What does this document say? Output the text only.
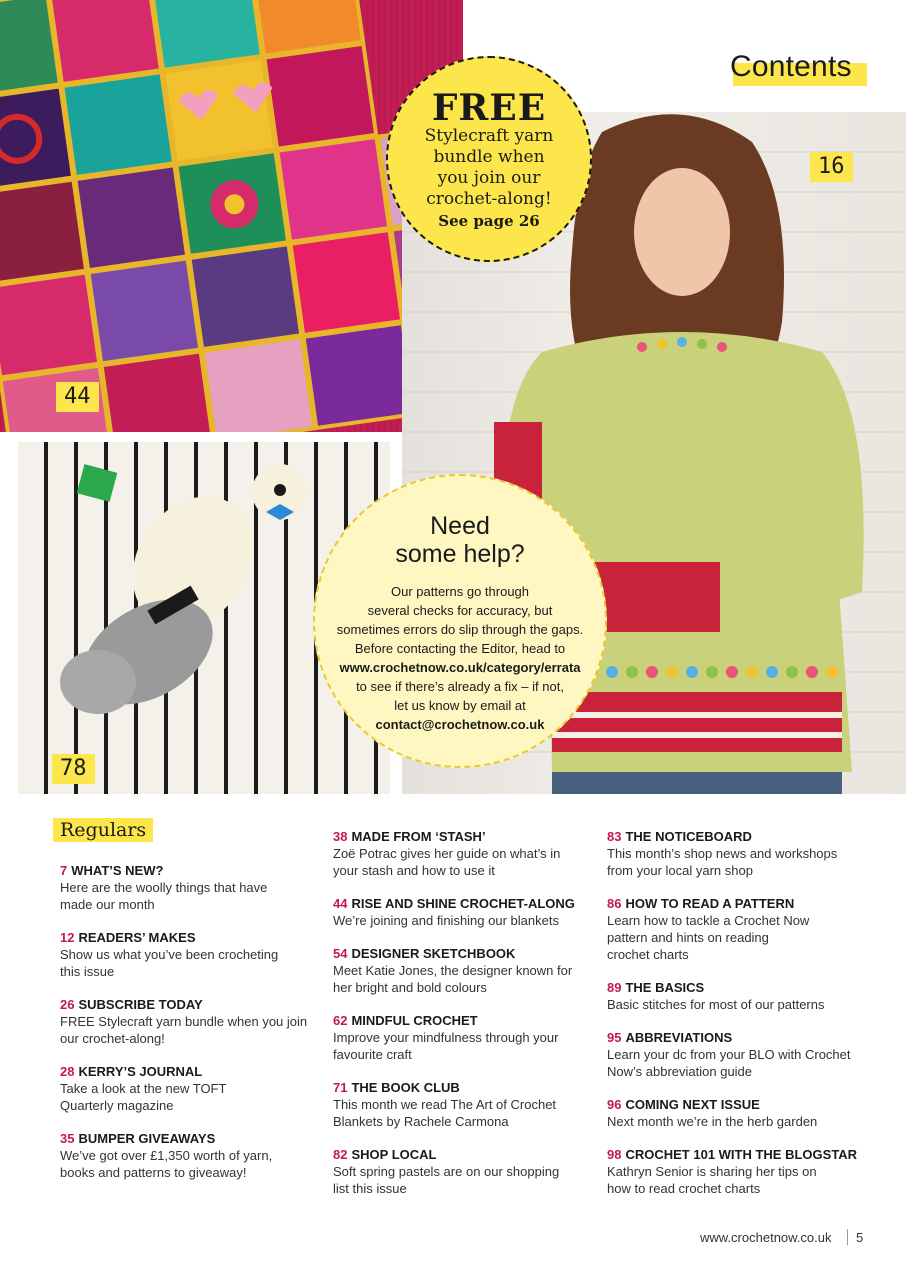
Contents
44
16
78
FREE
Stylecraft yarn
bundle when
you join our
crochet-along!
See page 26
Need
some help?
Our patterns go through
several checks for accuracy, but
sometimes errors do slip through the gaps.
Before contacting the Editor, head to
www.crochetnow.co.uk/category/errata
to see if there’s already a fix – if not,
let us know by email at
contact@crochetnow.co.uk
Regulars
7 WHAT’S NEW?
Here are the woolly things that have
made our month
12 READERS’ MAKES
Show us what you’ve been crocheting
this issue
26 SUBSCRIBE TODAY
FREE Stylecraft yarn bundle when you join
our crochet-along!
28 KERRY’S JOURNAL
Take a look at the new TOFT
Quarterly magazine
35 BUMPER GIVEAWAYS
We’ve got over £1,350 worth of yarn,
books and patterns to giveaway!
38 MADE FROM ‘STASH’
Zoë Potrac gives her guide on what’s in
your stash and how to use it
44 RISE AND SHINE CROCHET-ALONG
We’re joining and finishing our blankets
54 DESIGNER SKETCHBOOK
Meet Katie Jones, the designer known for
her bright and bold colours
62 MINDFUL CROCHET
Improve your mindfulness through your
favourite craft
71 THE BOOK CLUB
This month we read The Art of Crochet
Blankets by Rachele Carmona
82 SHOP LOCAL
Soft spring pastels are on our shopping
list this issue
83 THE NOTICEBOARD
This month’s shop news and workshops
from your local yarn shop
86 HOW TO READ A PATTERN
Learn how to tackle a Crochet Now
pattern and hints on reading
crochet charts
89 THE BASICS
Basic stitches for most of our patterns
95 ABBREVIATIONS
Learn your dc from your BLO with Crochet
Now’s abbreviation guide
96 COMING NEXT ISSUE
Next month we’re in the herb garden
98 CROCHET 101 WITH THE BLOGSTAR
Kathryn Senior is sharing her tips on
how to read crochet charts
www.crochetnow.co.uk 5
